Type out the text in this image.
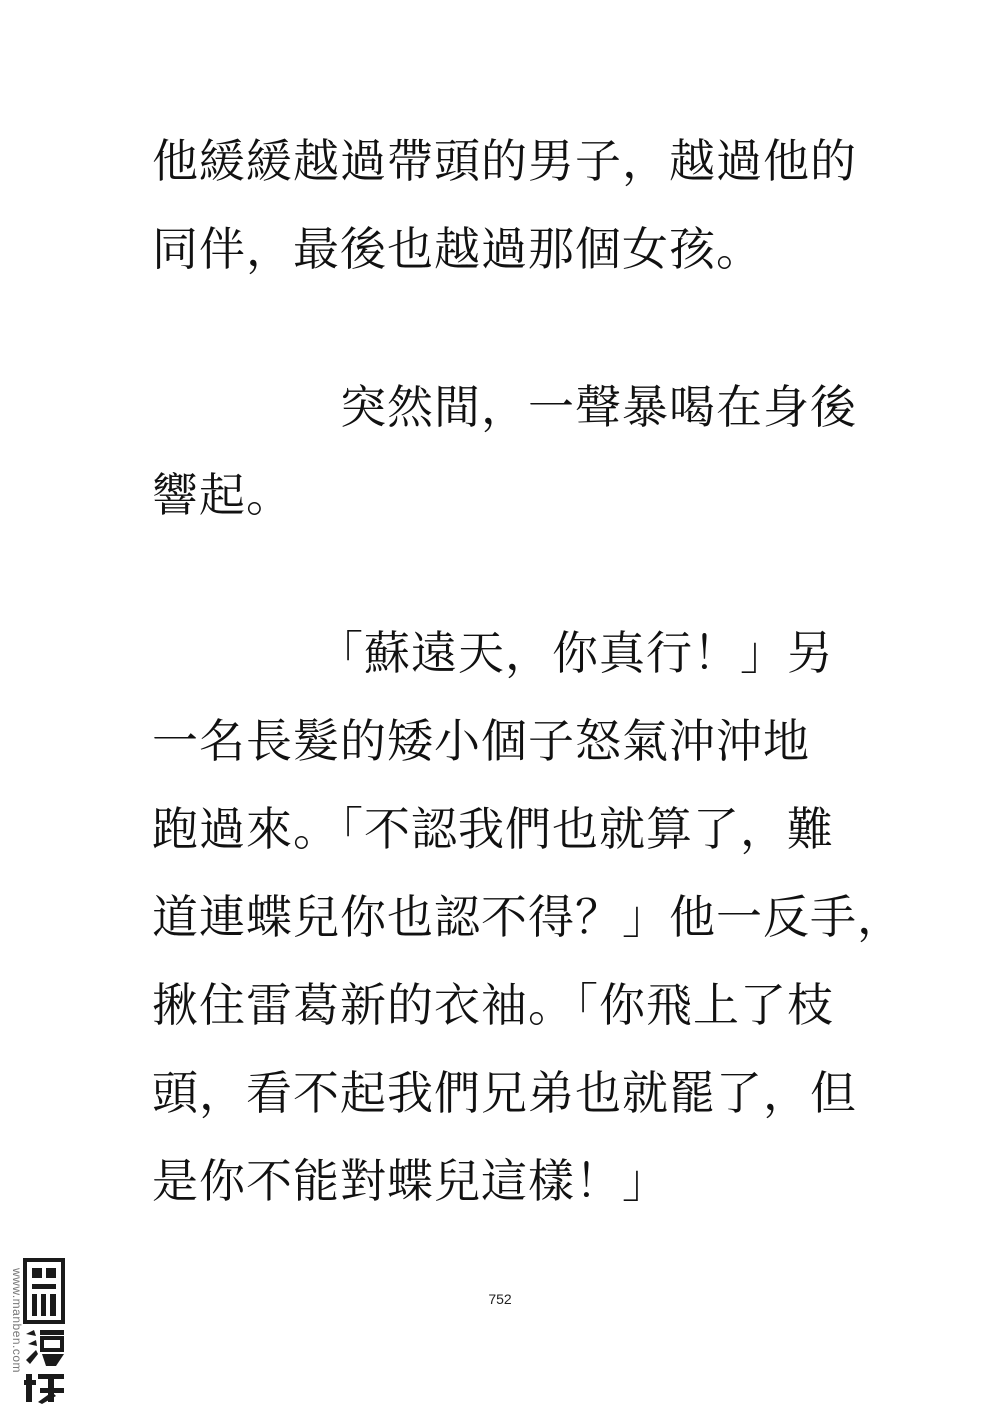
他緩緩越過帶頭的男子，越過他的

同伴，最後也越過那個女孩。

　　　　突然間，一聲暴喝在身後

響起。

　　　　「蘇遠天，你真行！」另

一名長髮的矮小個子怒氣沖沖地

跑過來。「不認我們也就算了，難

道連蝶兒你也認不得？」他一反手，

揪住雷葛新的衣袖。「你飛上了枝

頭，看不起我們兄弟也就罷了，但

是你不能對蝶兒這樣！」

752
www.manben.com
